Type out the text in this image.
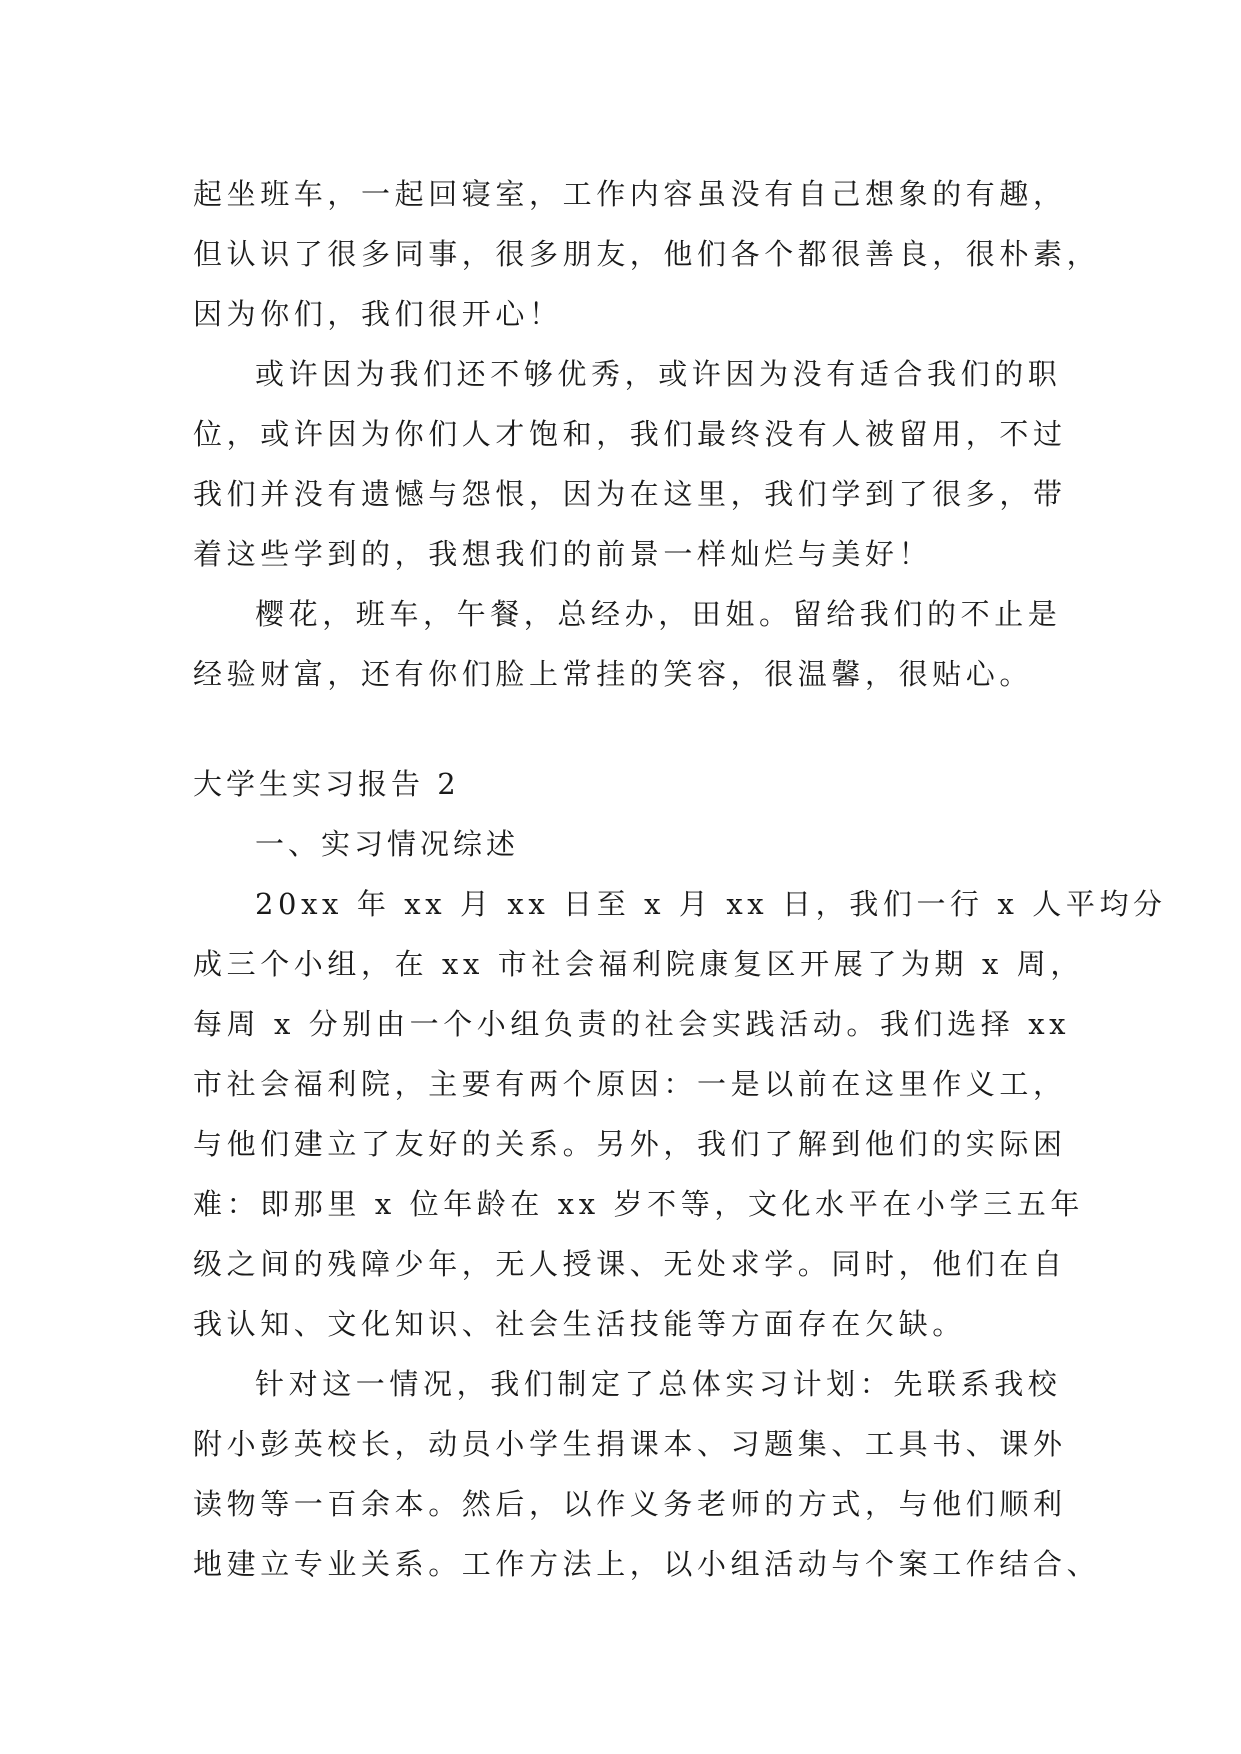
起坐班车，一起回寝室，工作内容虽没有自己想象的有趣，
但认识了很多同事，很多朋友，他们各个都很善良，很朴素，
因为你们，我们很开心！
或许因为我们还不够优秀，或许因为没有适合我们的职
位，或许因为你们人才饱和，我们最终没有人被留用，不过
我们并没有遗憾与怨恨，因为在这里，我们学到了很多，带
着这些学到的，我想我们的前景一样灿烂与美好！
樱花，班车，午餐，总经办，田姐。留给我们的不止是
经验财富，还有你们脸上常挂的笑容，很温馨，很贴心。
大学生实习报告 2
一、实习情况综述
20xx 年 xx 月 xx 日至 x 月 xx 日，我们一行 x 人平均分
成三个小组，在 xx 市社会福利院康复区开展了为期 x 周，
每周 x 分别由一个小组负责的社会实践活动。我们选择 xx
市社会福利院，主要有两个原因：一是以前在这里作义工，
与他们建立了友好的关系。另外，我们了解到他们的实际困
难：即那里 x 位年龄在 xx 岁不等，文化水平在小学三五年
级之间的残障少年，无人授课、无处求学。同时，他们在自
我认知、文化知识、社会生活技能等方面存在欠缺。
针对这一情况，我们制定了总体实习计划：先联系我校
附小彭英校长，动员小学生捐课本、习题集、工具书、课外
读物等一百余本。然后，以作义务老师的方式，与他们顺利
地建立专业关系。工作方法上，以小组活动与个案工作结合、
